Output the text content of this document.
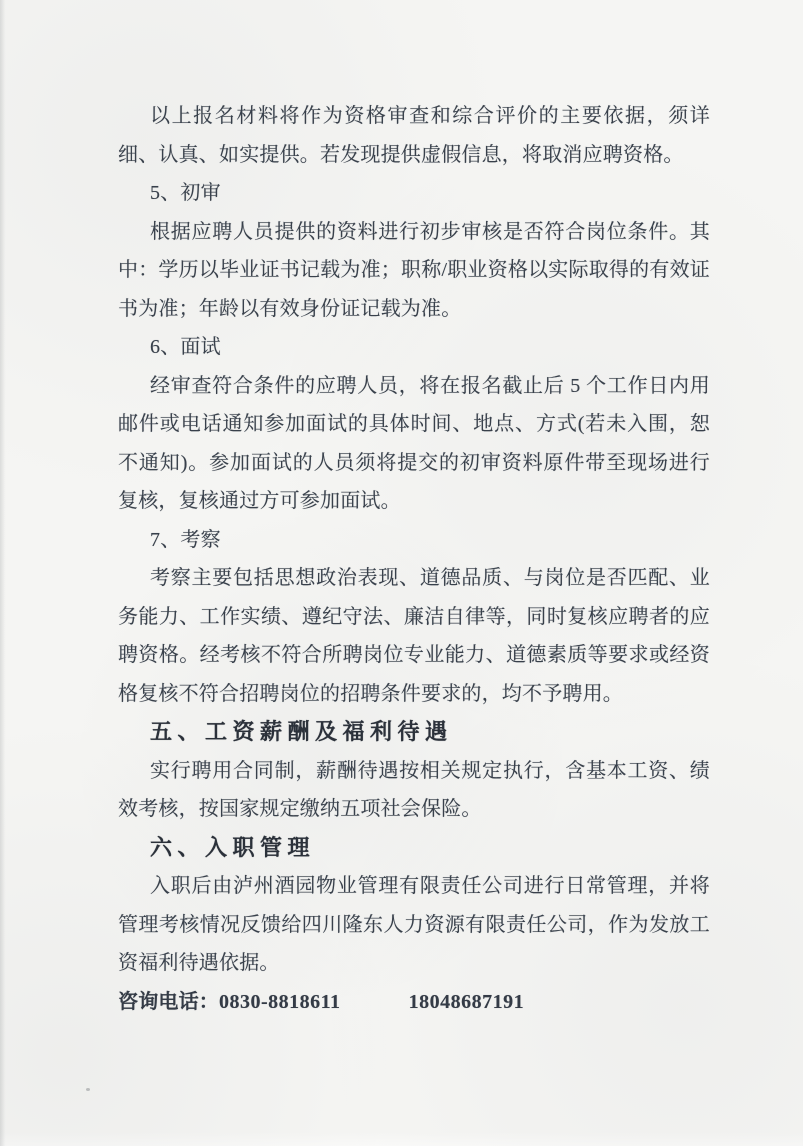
以上报名材料将作为资格审查和综合评价的主要依据，须详细、认真、如实提供。若发现提供虚假信息，将取消应聘资格。

5、初审

根据应聘人员提供的资料进行初步审核是否符合岗位条件。其中：学历以毕业证书记载为准；职称/职业资格以实际取得的有效证书为准；年龄以有效身份证记载为准。

6、面试

经审查符合条件的应聘人员，将在报名截止后 5 个工作日内用邮件或电话通知参加面试的具体时间、地点、方式(若未入围，恕不通知)。参加面试的人员须将提交的初审资料原件带至现场进行复核，复核通过方可参加面试。

7、考察

考察主要包括思想政治表现、道德品质、与岗位是否匹配、业务能力、工作实绩、遵纪守法、廉洁自律等，同时复核应聘者的应聘资格。经考核不符合所聘岗位专业能力、道德素质等要求或经资格复核不符合招聘岗位的招聘条件要求的，均不予聘用。

五、工资薪酬及福利待遇

实行聘用合同制，薪酬待遇按相关规定执行，含基本工资、绩效考核，按国家规定缴纳五项社会保险。

六、入职管理

入职后由泸州酒园物业管理有限责任公司进行日常管理，并将管理考核情况反馈给四川隆东人力资源有限责任公司，作为发放工资福利待遇依据。

咨询电话：0830-8818611	18048687191
